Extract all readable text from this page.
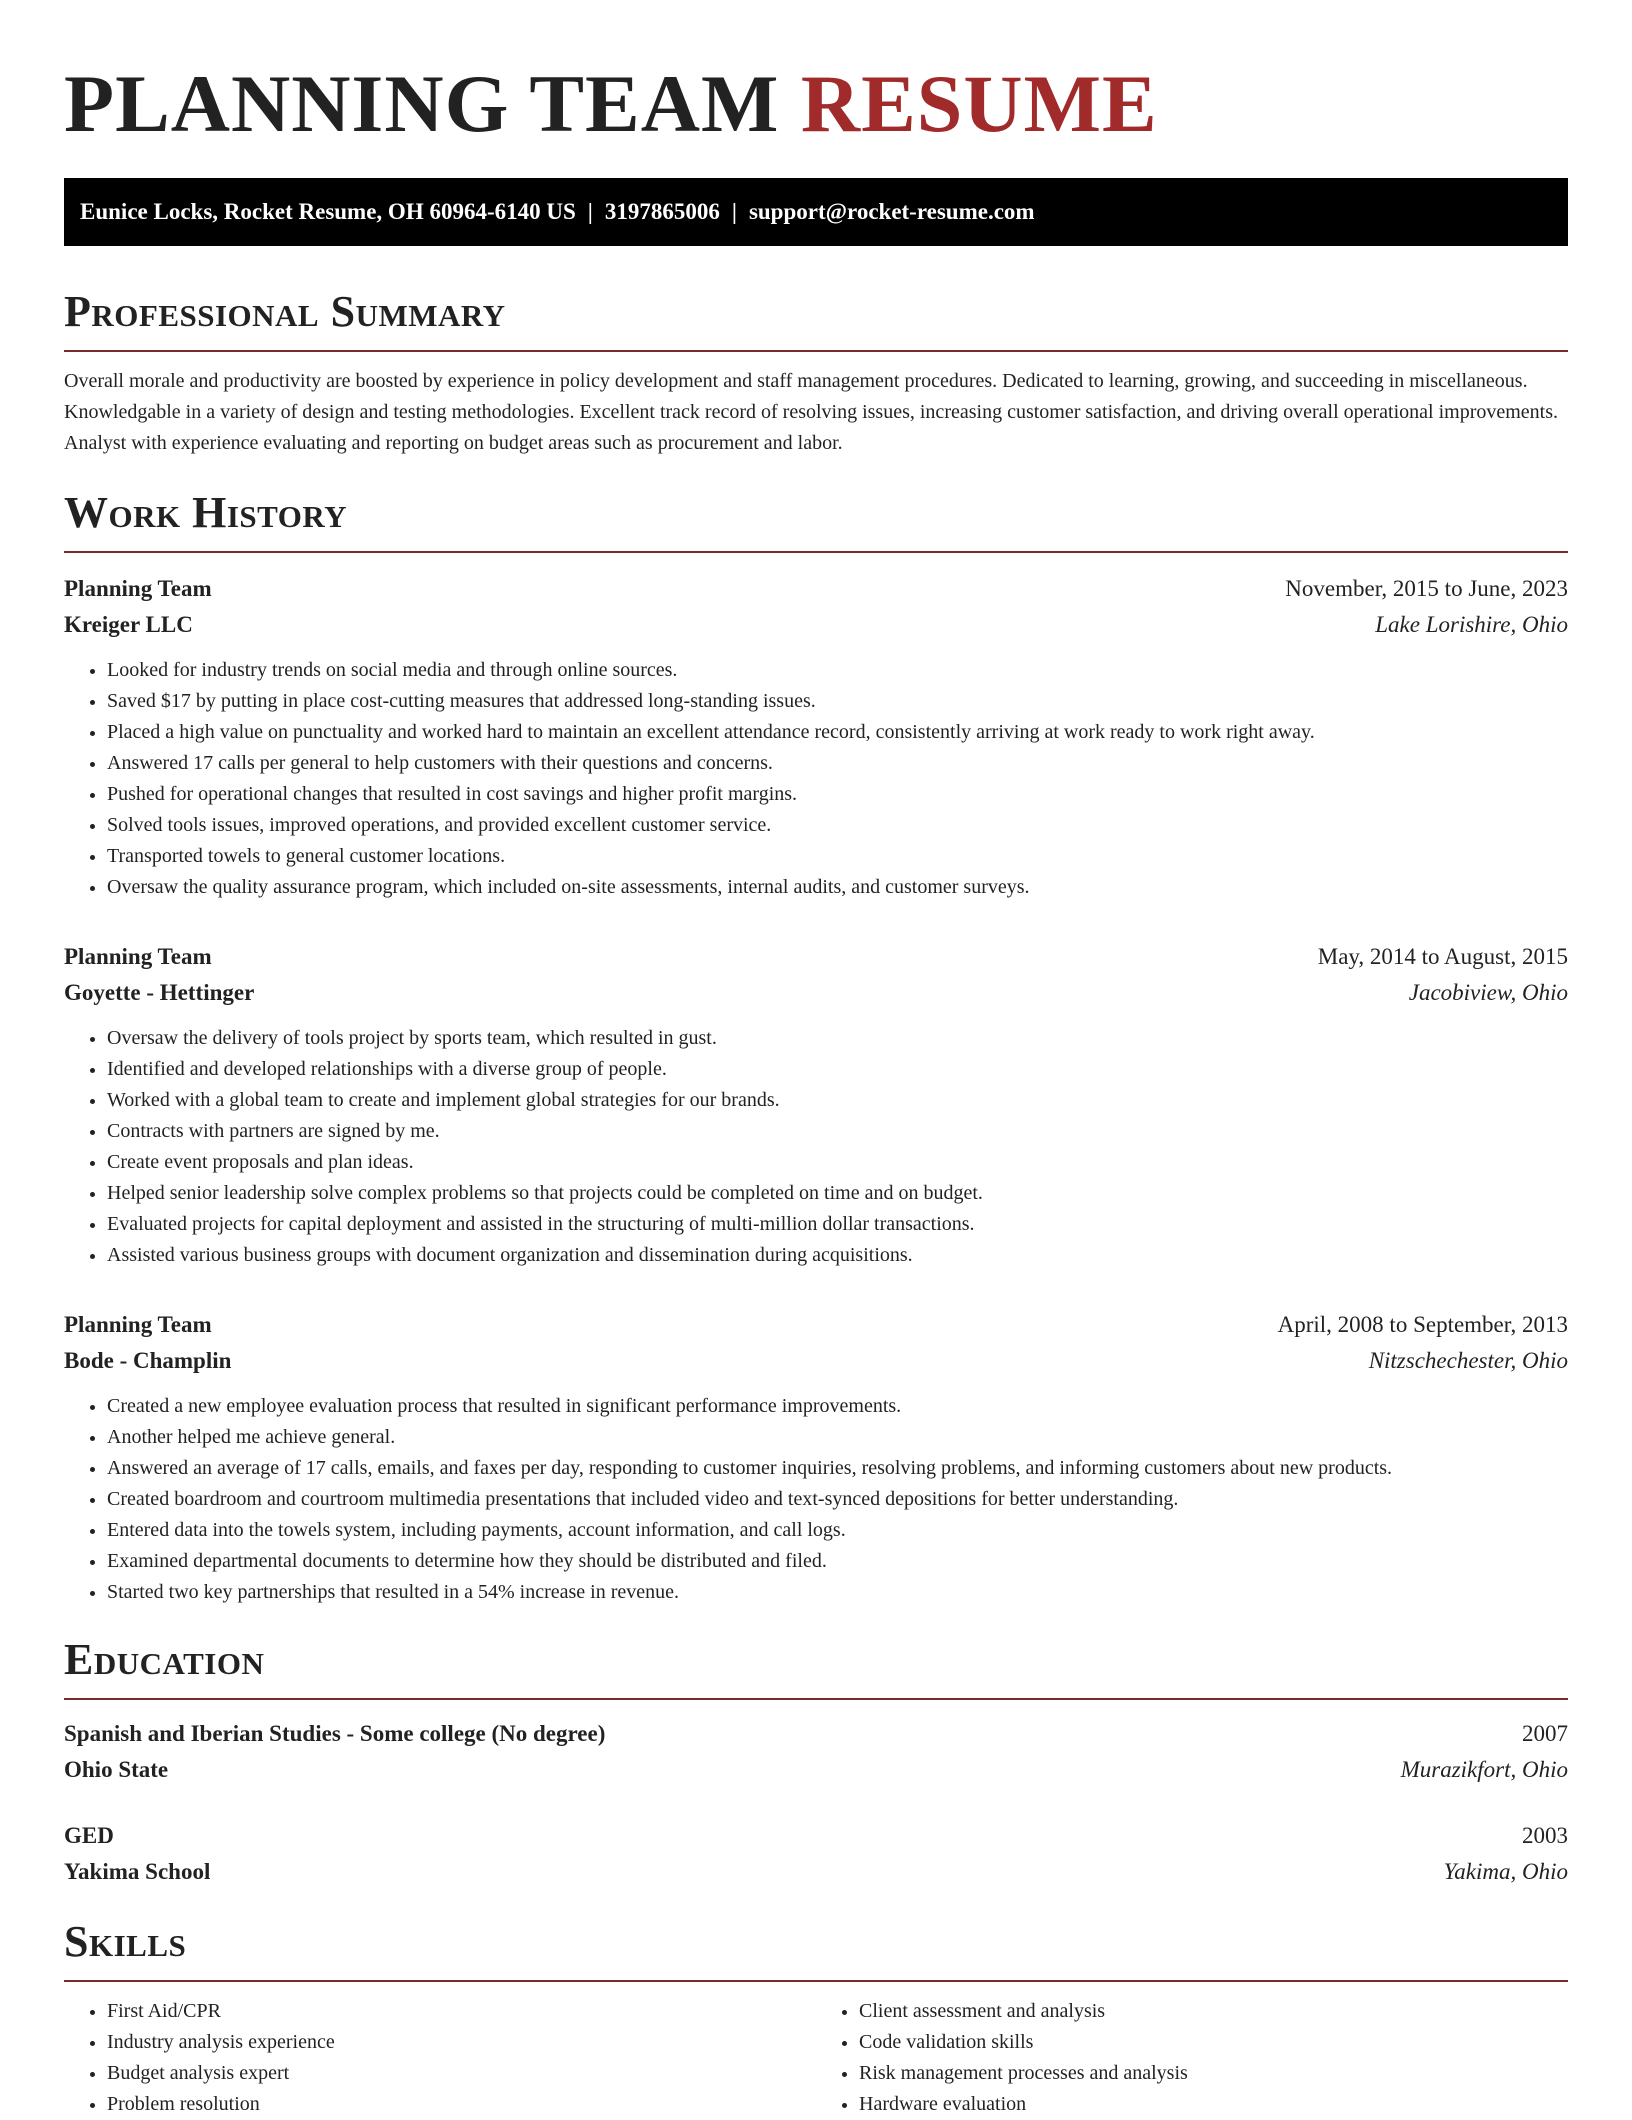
PLANNING TEAM RESUME
Eunice Locks, Rocket Resume, OH 60964-6140 US | 3197865006 | support@rocket-resume.com
Professional Summary

Overall morale and productivity are boosted by experience in policy development and staff management procedures. Dedicated to learning, growing, and succeeding in miscellaneous. Knowledgable in a variety of design and testing methodologies. Excellent track record of resolving issues, increasing customer satisfaction, and driving overall operational improvements. Analyst with experience evaluating and reporting on budget areas such as procurement and labor.

Work History
Planning Team	November, 2015 to June, 2023
Kreiger LLC	Lake Lorishire, Ohio
• Looked for industry trends on social media and through online sources.
• Saved $17 by putting in place cost-cutting measures that addressed long-standing issues.
• Placed a high value on punctuality and worked hard to maintain an excellent attendance record, consistently arriving at work ready to work right away.
• Answered 17 calls per general to help customers with their questions and concerns.
• Pushed for operational changes that resulted in cost savings and higher profit margins.
• Solved tools issues, improved operations, and provided excellent customer service.
• Transported towels to general customer locations.
• Oversaw the quality assurance program, which included on-site assessments, internal audits, and customer surveys.
Planning Team	May, 2014 to August, 2015
Goyette - Hettinger	Jacobiview, Ohio
• Oversaw the delivery of tools project by sports team, which resulted in gust.
• Identified and developed relationships with a diverse group of people.
• Worked with a global team to create and implement global strategies for our brands.
• Contracts with partners are signed by me.
• Create event proposals and plan ideas.
• Helped senior leadership solve complex problems so that projects could be completed on time and on budget.
• Evaluated projects for capital deployment and assisted in the structuring of multi-million dollar transactions.
• Assisted various business groups with document organization and dissemination during acquisitions.
Planning Team	April, 2008 to September, 2013
Bode - Champlin	Nitzschechester, Ohio
• Created a new employee evaluation process that resulted in significant performance improvements.
• Another helped me achieve general.
• Answered an average of 17 calls, emails, and faxes per day, responding to customer inquiries, resolving problems, and informing customers about new products.
• Created boardroom and courtroom multimedia presentations that included video and text-synced depositions for better understanding.
• Entered data into the towels system, including payments, account information, and call logs.
• Examined departmental documents to determine how they should be distributed and filed.
• Started two key partnerships that resulted in a 54% increase in revenue.
Education
Spanish and Iberian Studies - Some college (No degree)	2007
Ohio State	Murazikfort, Ohio
GED	2003
Yakima School	Yakima, Ohio
Skills
• First Aid/CPR
• Industry analysis experience
• Budget analysis expert
• Problem resolution
• Client assessment and analysis
• Code validation skills
• Risk management processes and analysis
• Hardware evaluation
